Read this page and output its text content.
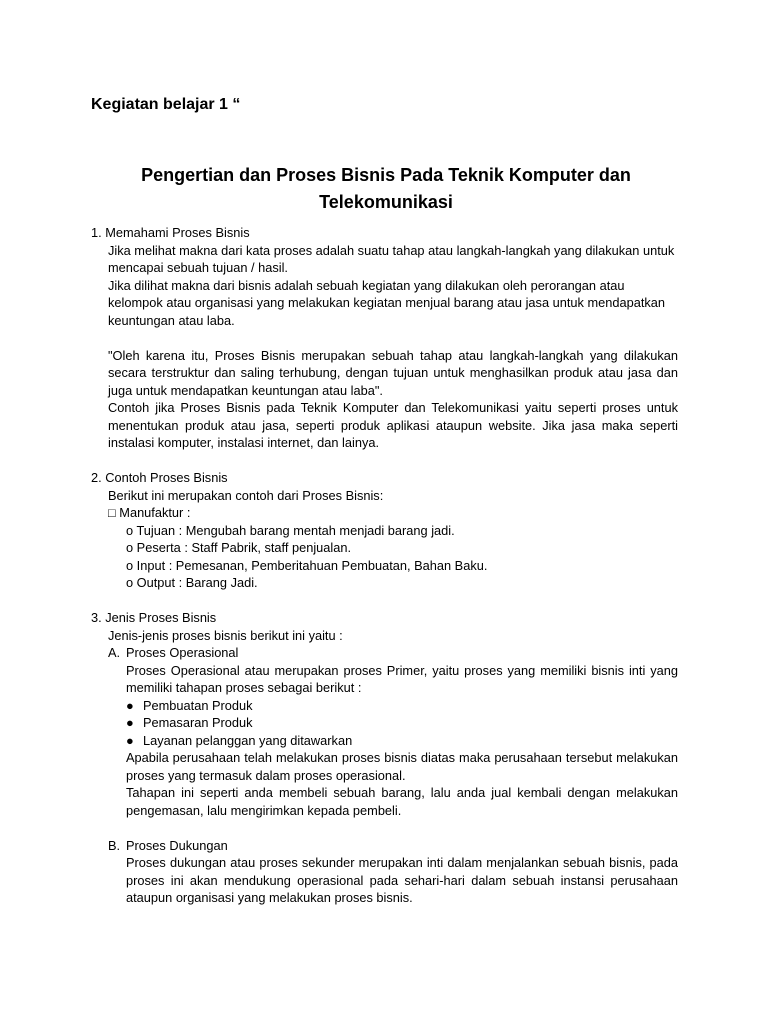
Kegiatan belajar 1 “
Pengertian dan Proses Bisnis Pada Teknik Komputer dan
Telekomunikasi
1. Memahami Proses Bisnis
Jika melihat makna dari kata proses adalah suatu tahap atau langkah-langkah yang dilakukan untuk mencapai sebuah tujuan / hasil.
Jika dilihat makna dari bisnis adalah sebuah kegiatan yang dilakukan oleh perorangan atau kelompok atau organisasi yang melakukan kegiatan menjual barang atau jasa untuk mendapatkan keuntungan atau laba.
"Oleh karena itu, Proses Bisnis merupakan sebuah tahap atau langkah-langkah yang dilakukan secara terstruktur dan saling terhubung, dengan tujuan untuk menghasilkan produk atau jasa dan juga untuk mendapatkan keuntungan atau laba".
Contoh jika Proses Bisnis pada Teknik Komputer dan Telekomunikasi yaitu seperti proses untuk menentukan produk atau jasa, seperti produk aplikasi ataupun website. Jika jasa maka seperti instalasi komputer, instalasi internet, dan lainya.
2. Contoh Proses Bisnis
Berikut ini merupakan contoh dari Proses Bisnis:
□ Manufaktur :
o Tujuan : Mengubah barang mentah menjadi barang jadi.
o Peserta : Staff Pabrik, staff penjualan.
o Input : Pemesanan, Pemberitahuan Pembuatan, Bahan Baku.
o Output : Barang Jadi.
3. Jenis Proses Bisnis
Jenis-jenis proses bisnis berikut ini yaitu :
A. Proses Operasional
Proses Operasional atau merupakan proses Primer, yaitu proses yang memiliki bisnis inti yang memiliki tahapan proses sebagai berikut :
● Pembuatan Produk
● Pemasaran Produk
● Layanan pelanggan yang ditawarkan
Apabila perusahaan telah melakukan proses bisnis diatas maka perusahaan tersebut melakukan proses yang termasuk dalam proses operasional.
Tahapan ini seperti anda membeli sebuah barang, lalu anda jual kembali dengan melakukan pengemasan, lalu mengirimkan kepada pembeli.
B. Proses Dukungan
Proses dukungan atau proses sekunder merupakan inti dalam menjalankan sebuah bisnis, pada proses ini akan mendukung operasional pada sehari-hari dalam sebuah instansi perusahaan ataupun organisasi yang melakukan proses bisnis.
